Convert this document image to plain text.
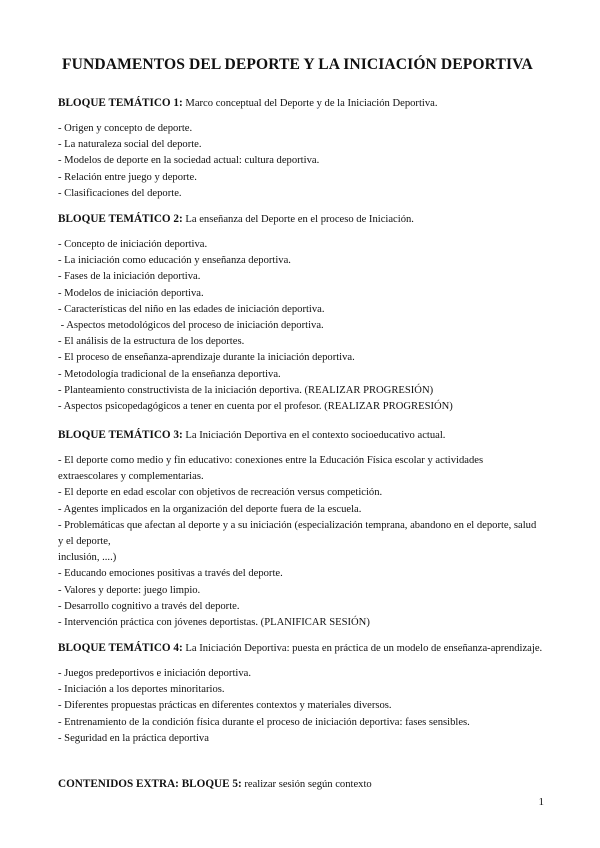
FUNDAMENTOS DEL DEPORTE Y LA INICIACIÓN DEPORTIVA

BLOQUE TEMÁTICO 1: Marco conceptual del Deporte y de la Iniciación Deportiva.

- Origen y concepto de deporte.

- La naturaleza social del deporte.

- Modelos de deporte en la sociedad actual: cultura deportiva.

- Relación entre juego y deporte.

- Clasificaciones del deporte.

BLOQUE TEMÁTICO 2: La enseñanza del Deporte en el proceso de Iniciación.

- Concepto de iniciación deportiva.

- La iniciación como educación y enseñanza deportiva.

- Fases de la iniciación deportiva.

- Modelos de iniciación deportiva.

- Características del niño en las edades de iniciación deportiva.

- Aspectos metodológicos del proceso de iniciación deportiva.

- El análisis de la estructura de los deportes.

- El proceso de enseñanza-aprendizaje durante la iniciación deportiva.

- Metodología tradicional de la enseñanza deportiva.

- Planteamiento constructivista de la iniciación deportiva. (REALIZAR PROGRESIÓN)

- Aspectos psicopedagógicos a tener en cuenta por el profesor. (REALIZAR PROGRESIÓN)

BLOQUE TEMÁTICO 3: La Iniciación Deportiva en el contexto socioeducativo actual.

- El deporte como medio y fin educativo: conexiones entre la Educación Física escolar y actividades extraescolares y complementarias.

- El deporte en edad escolar con objetivos de recreación versus competición.

- Agentes implicados en la organización del deporte fuera de la escuela.

- Problemáticas que afectan al deporte y a su iniciación (especialización temprana, abandono en el deporte, salud y el deporte,

inclusión, ....)

- Educando emociones positivas a través del deporte.

- Valores y deporte: juego limpio.

- Desarrollo cognitivo a través del deporte.

- Intervención práctica con jóvenes deportistas. (PLANIFICAR SESIÓN)

BLOQUE TEMÁTICO 4: La Iniciación Deportiva: puesta en práctica de un modelo de enseñanza-aprendizaje.

- Juegos predeportivos e iniciación deportiva.

- Iniciación a los deportes minoritarios.

- Diferentes propuestas prácticas en diferentes contextos y materiales diversos.

- Entrenamiento de la condición física durante el proceso de iniciación deportiva: fases sensibles.

- Seguridad en la práctica deportiva

CONTENIDOS EXTRA: BLOQUE 5: realizar sesión según contexto

1
